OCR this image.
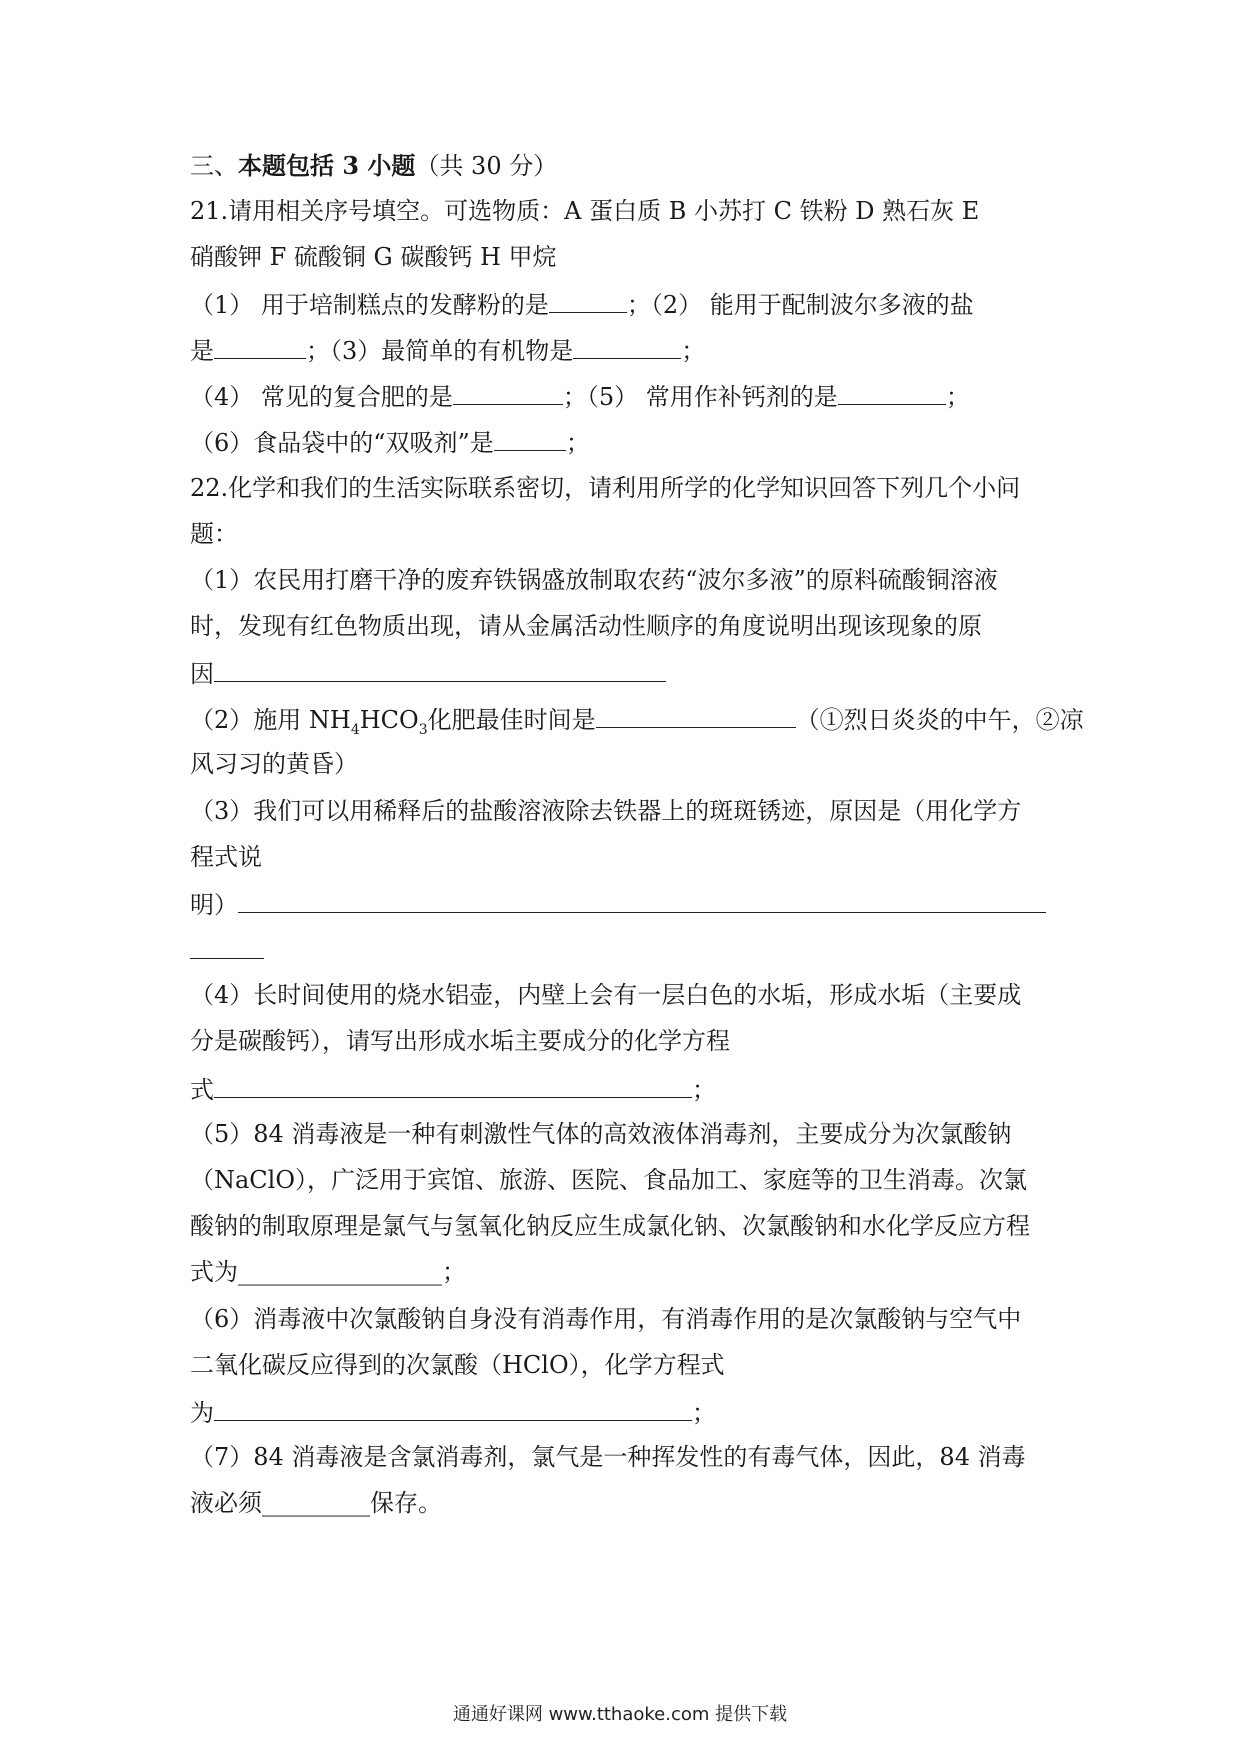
三、本题包括 3 小题（共 30 分）
21.请用相关序号填空。可选物质：A 蛋白质 B 小苏打 C 铁粉 D 熟石灰 E
硝酸钾 F 硫酸铜 G 碳酸钙 H 甲烷
（1） 用于培制糕点的发酵粉的是	；（2） 能用于配制波尔多液的盐
是	；（3）最简单的有机物是	；
（4） 常见的复合肥的是	；（5） 常用作补钙剂的是	；
（6）食品袋中的“双吸剂”是	；
22.化学和我们的生活实际联系密切，请利用所学的化学知识回答下列几个小问
题：
（1）农民用打磨干净的废弃铁锅盛放制取农药“波尔多液”的原料硫酸铜溶液
时，发现有红色物质出现，请从金属活动性顺序的角度说明出现该现象的原
因
（2）施用 $NH_4HCO_3$化肥最佳时间是	（①烈日炎炎的中午，②凉
风习习的黄昏）
（3）我们可以用稀释后的盐酸溶液除去铁器上的斑斑锈迹，原因是（用化学方
程式说
明）
（4）长时间使用的烧水铝壶，内壁上会有一层白色的水垢，形成水垢（主要成
分是碳酸钙），请写出形成水垢主要成分的化学方程
式	；
（5）84 消毒液是一种有刺激性气体的高效液体消毒剂，主要成分为次氯酸钠
（NaClO），广泛用于宾馆、旅游、医院、食品加工、家庭等的卫生消毒。次氯
酸钠的制取原理是氯气与氢氧化钠反应生成氯化钠、次氯酸钠和水化学反应方程
式为_________________；
（6）消毒液中次氯酸钠自身没有消毒作用，有消毒作用的是次氯酸钠与空气中
二氧化碳反应得到的次氯酸（HClO），化学方程式
为	；
（7）84 消毒液是含氯消毒剂，氯气是一种挥发性的有毒气体，因此，84 消毒
液必须_________保存。
通通好课网 www.tthaoke.com 提供下载
